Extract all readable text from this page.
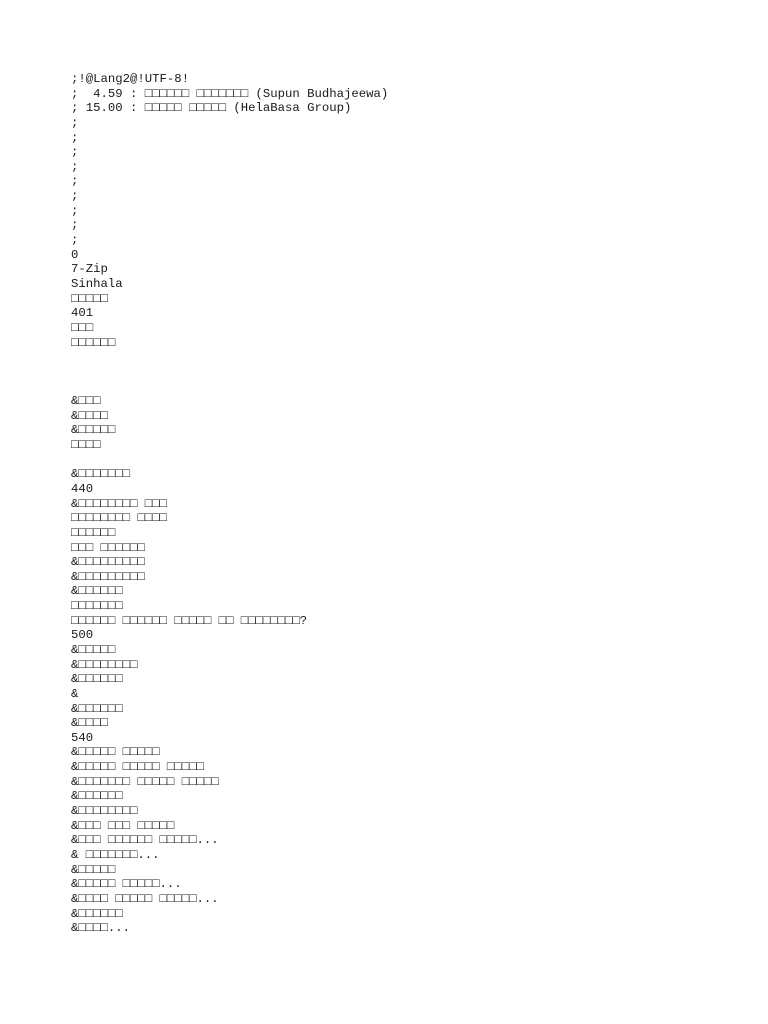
;!@Lang2@!UTF-8!
;  4.59 : □□□□□□ □□□□□□□ (Supun Budhajeewa)
; 15.00 : □□□□□ □□□□□ (HelaBasa Group)
;
;
;
;
;
;
;
;
;
0
7-Zip
Sinhala
□□□□□
401
□□□
□□□□□□
&□□□
&□□□□
&□□□□□
□□□□
&□□□□□□□
440
&□□□□□□□□ □□□
□□□□□□□□ □□□□
□□□□□□
□□□ □□□□□□
&□□□□□□□□□
&□□□□□□□□□
&□□□□□□
□□□□□□□
□□□□□□ □□□□□□ □□□□□ □□ □□□□□□□□?
500
&□□□□□
&□□□□□□□□
&□□□□□□
&
&□□□□□□
&□□□□
540
&□□□□□ □□□□□
&□□□□□ □□□□□ □□□□□
&□□□□□□□ □□□□□ □□□□□
&□□□□□□
&□□□□□□□□
&□□□ □□□ □□□□□
&□□□ □□□□□□ □□□□□...
& □□□□□□□...
&□□□□□
&□□□□□ □□□□□...
&□□□□ □□□□□ □□□□□...
&□□□□□□
&□□□□...
